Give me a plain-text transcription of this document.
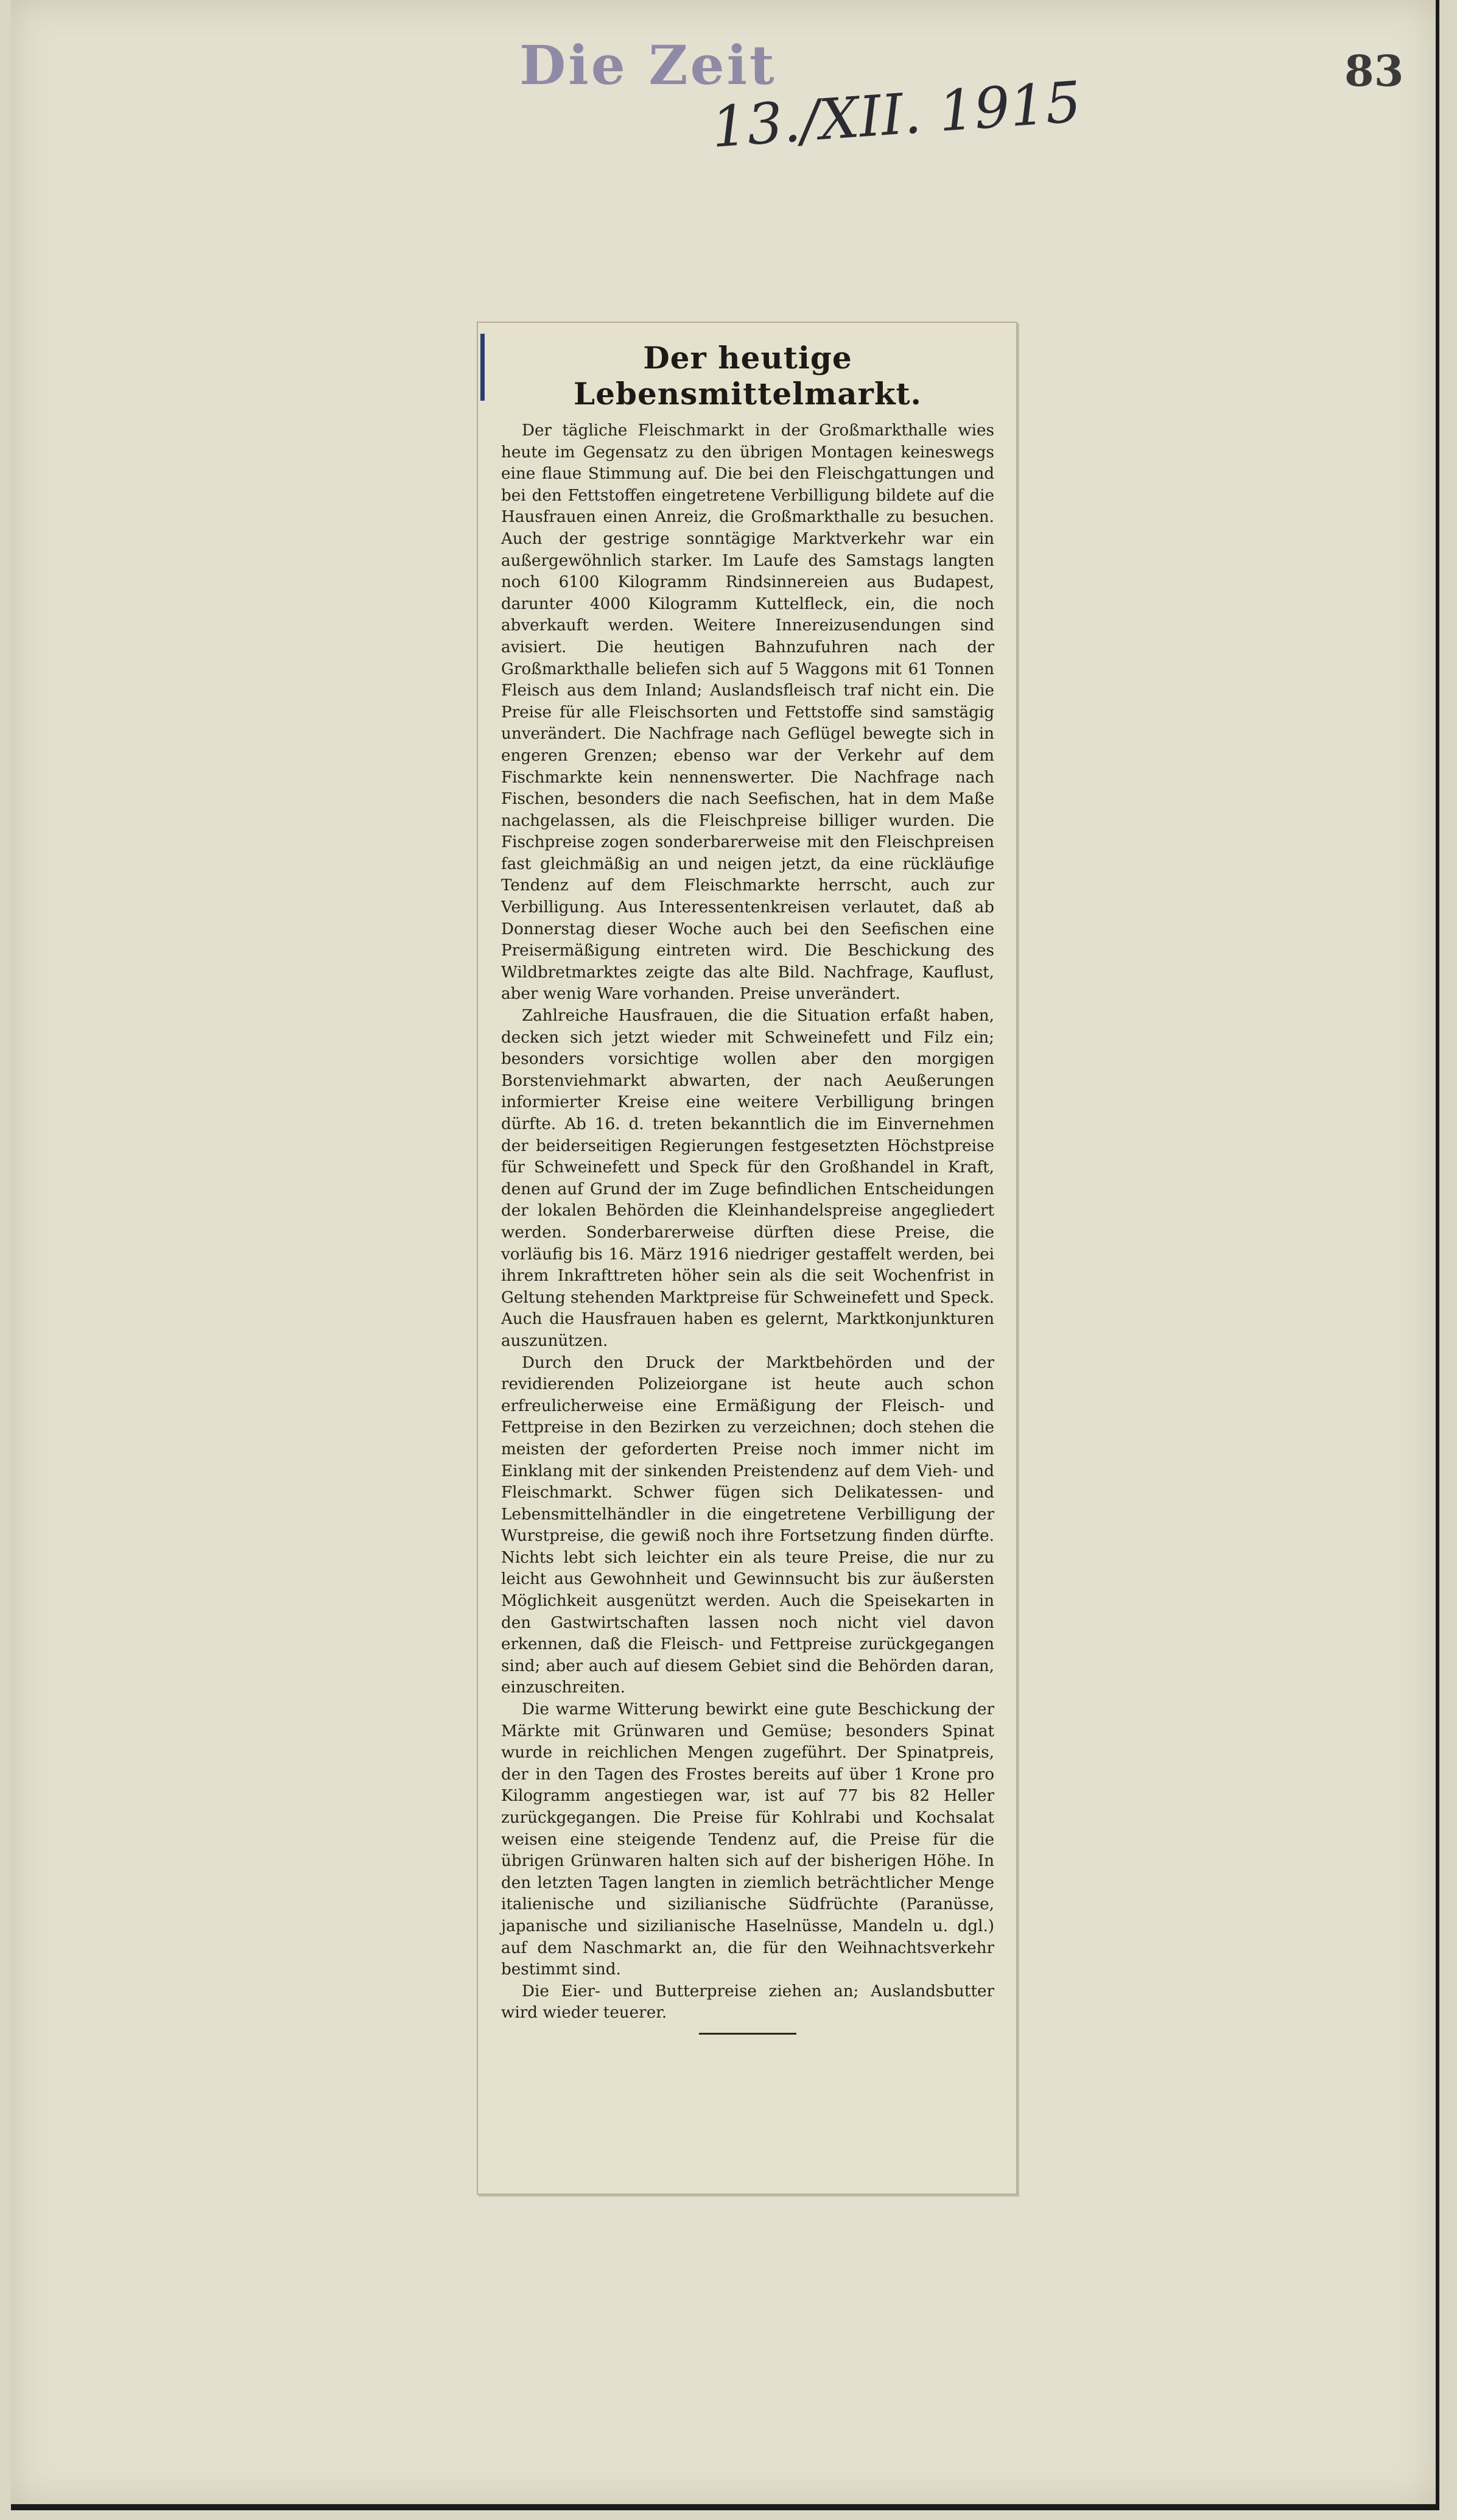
Die Zeit
13./XII. 1915	83
Der heutige Lebensmittelmarkt.

Der tägliche Fleischmarkt in der Großmarkthalle wies heute im Gegensatz zu den übrigen Montagen keineswegs eine flaue Stimmung auf. Die bei den Fleischgattungen und bei den Fettstoffen eingetretene Verbilligung bildete auf die Hausfrauen einen Anreiz, die Großmarkthalle zu besuchen. Auch der gestrige sonntägige Marktverkehr war ein außergewöhnlich starker. Im Laufe des Samstags langten noch 6100 Kilogramm Rindsinnereien aus Budapest, darunter 4000 Kilogramm Kuttelfleck, ein, die noch abverkauft werden. Weitere Innereizusendungen sind avisiert. Die heutigen Bahnzufuhren nach der Großmarkthalle beliefen sich auf 5 Waggons mit 61 Tonnen Fleisch aus dem Inland; Auslandsfleisch traf nicht ein. Die Preise für alle Fleischsorten und Fettstoffe sind samstägig unverändert. Die Nachfrage nach Geflügel bewegte sich in engeren Grenzen; ebenso war der Verkehr auf dem Fischmarkte kein nennenswerter. Die Nachfrage nach Fischen, besonders die nach Seefischen, hat in dem Maße nachgelassen, als die Fleischpreise billiger wurden. Die Fischpreise zogen sonderbarerweise mit den Fleischpreisen fast gleichmäßig an und neigen jetzt, da eine rückläufige Tendenz auf dem Fleischmarkte herrscht, auch zur Verbilligung. Aus Interessentenkreisen verlautet, daß ab Donnerstag dieser Woche auch bei den Seefischen eine Preisermäßigung eintreten wird. Die Beschickung des Wildbretmarktes zeigte das alte Bild. Nachfrage, Kauflust, aber wenig Ware vorhanden. Preise unverändert.

Zahlreiche Hausfrauen, die die Situation erfaßt haben, decken sich jetzt wieder mit Schweinefett und Filz ein; besonders vorsichtige wollen aber den morgigen Borstenviehmarkt abwarten, der nach Aeußerungen informierter Kreise eine weitere Verbilligung bringen dürfte. Ab 16. d. treten bekanntlich die im Einvernehmen der beiderseitigen Regierungen festgesetzten Höchstpreise für Schweinefett und Speck für den Großhandel in Kraft, denen auf Grund der im Zuge befindlichen Entscheidungen der lokalen Behörden die Kleinhandelspreise angegliedert werden. Sonderbarerweise dürften diese Preise, die vorläufig bis 16. März 1916 niedriger gestaffelt werden, bei ihrem Inkrafttreten höher sein als die seit Wochenfrist in Geltung stehenden Marktpreise für Schweinefett und Speck. Auch die Hausfrauen haben es gelernt, Marktkonjunkturen auszunützen.

Durch den Druck der Marktbehörden und der revidierenden Polizeiorgane ist heute auch schon erfreulicherweise eine Ermäßigung der Fleisch- und Fettpreise in den Bezirken zu verzeichnen; doch stehen die meisten der geforderten Preise noch immer nicht im Einklang mit der sinkenden Preistendenz auf dem Vieh- und Fleischmarkt. Schwer fügen sich Delikatessen- und Lebensmittelhändler in die eingetretene Verbilligung der Wurstpreise, die gewiß noch ihre Fortsetzung finden dürfte. Nichts lebt sich leichter ein als teure Preise, die nur zu leicht aus Gewohnheit und Gewinnsucht bis zur äußersten Möglichkeit ausgenützt werden. Auch die Speisekarten in den Gastwirtschaften lassen noch nicht viel davon erkennen, daß die Fleisch- und Fettpreise zurückgegangen sind; aber auch auf diesem Gebiet sind die Behörden daran, einzuschreiten.

Die warme Witterung bewirkt eine gute Beschickung der Märkte mit Grünwaren und Gemüse; besonders Spinat wurde in reichlichen Mengen zugeführt. Der Spinatpreis, der in den Tagen des Frostes bereits auf über 1 Krone pro Kilogramm angestiegen war, ist auf 77 bis 82 Heller zurückgegangen. Die Preise für Kohlrabi und Kochsalat weisen eine steigende Tendenz auf, die Preise für die übrigen Grünwaren halten sich auf der bisherigen Höhe. In den letzten Tagen langten in ziemlich beträchtlicher Menge italienische und sizilianische Südfrüchte (Paranüsse, japanische und sizilianische Haselnüsse, Mandeln u. dgl.) auf dem Naschmarkt an, die für den Weihnachtsverkehr bestimmt sind.

Die Eier- und Butterpreise ziehen an; Auslandsbutter wird wieder teuerer.
